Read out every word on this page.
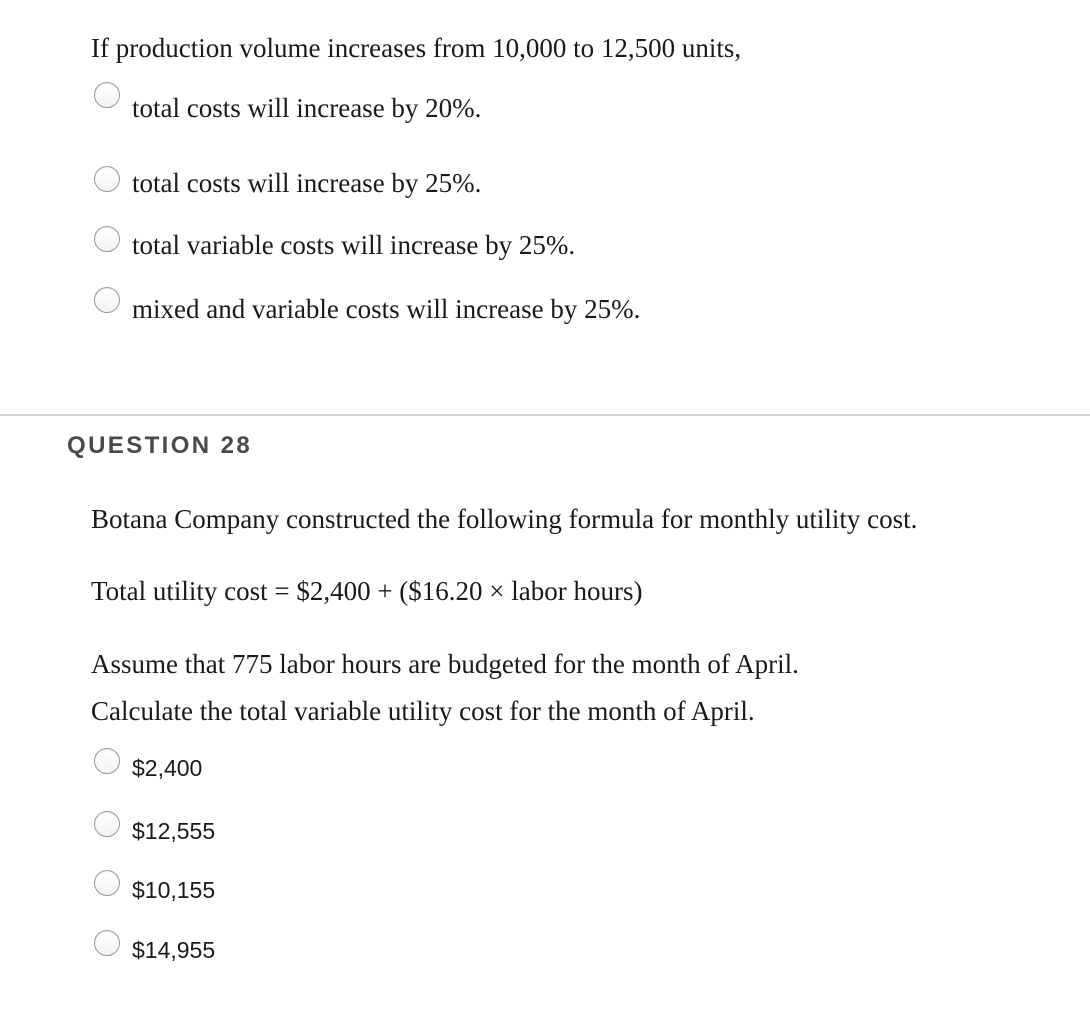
If production volume increases from 10,000 to 12,500 units,
total costs will increase by 20%.
total costs will increase by 25%.
total variable costs will increase by 25%.
mixed and variable costs will increase by 25%.
QUESTION 28
Botana Company constructed the following formula for monthly utility cost.
Total utility cost = $2,400 + ($16.20 × labor hours)
Assume that 775 labor hours are budgeted for the month of April.
Calculate the total variable utility cost for the month of April.
$2,400
$12,555
$10,155
$14,955
